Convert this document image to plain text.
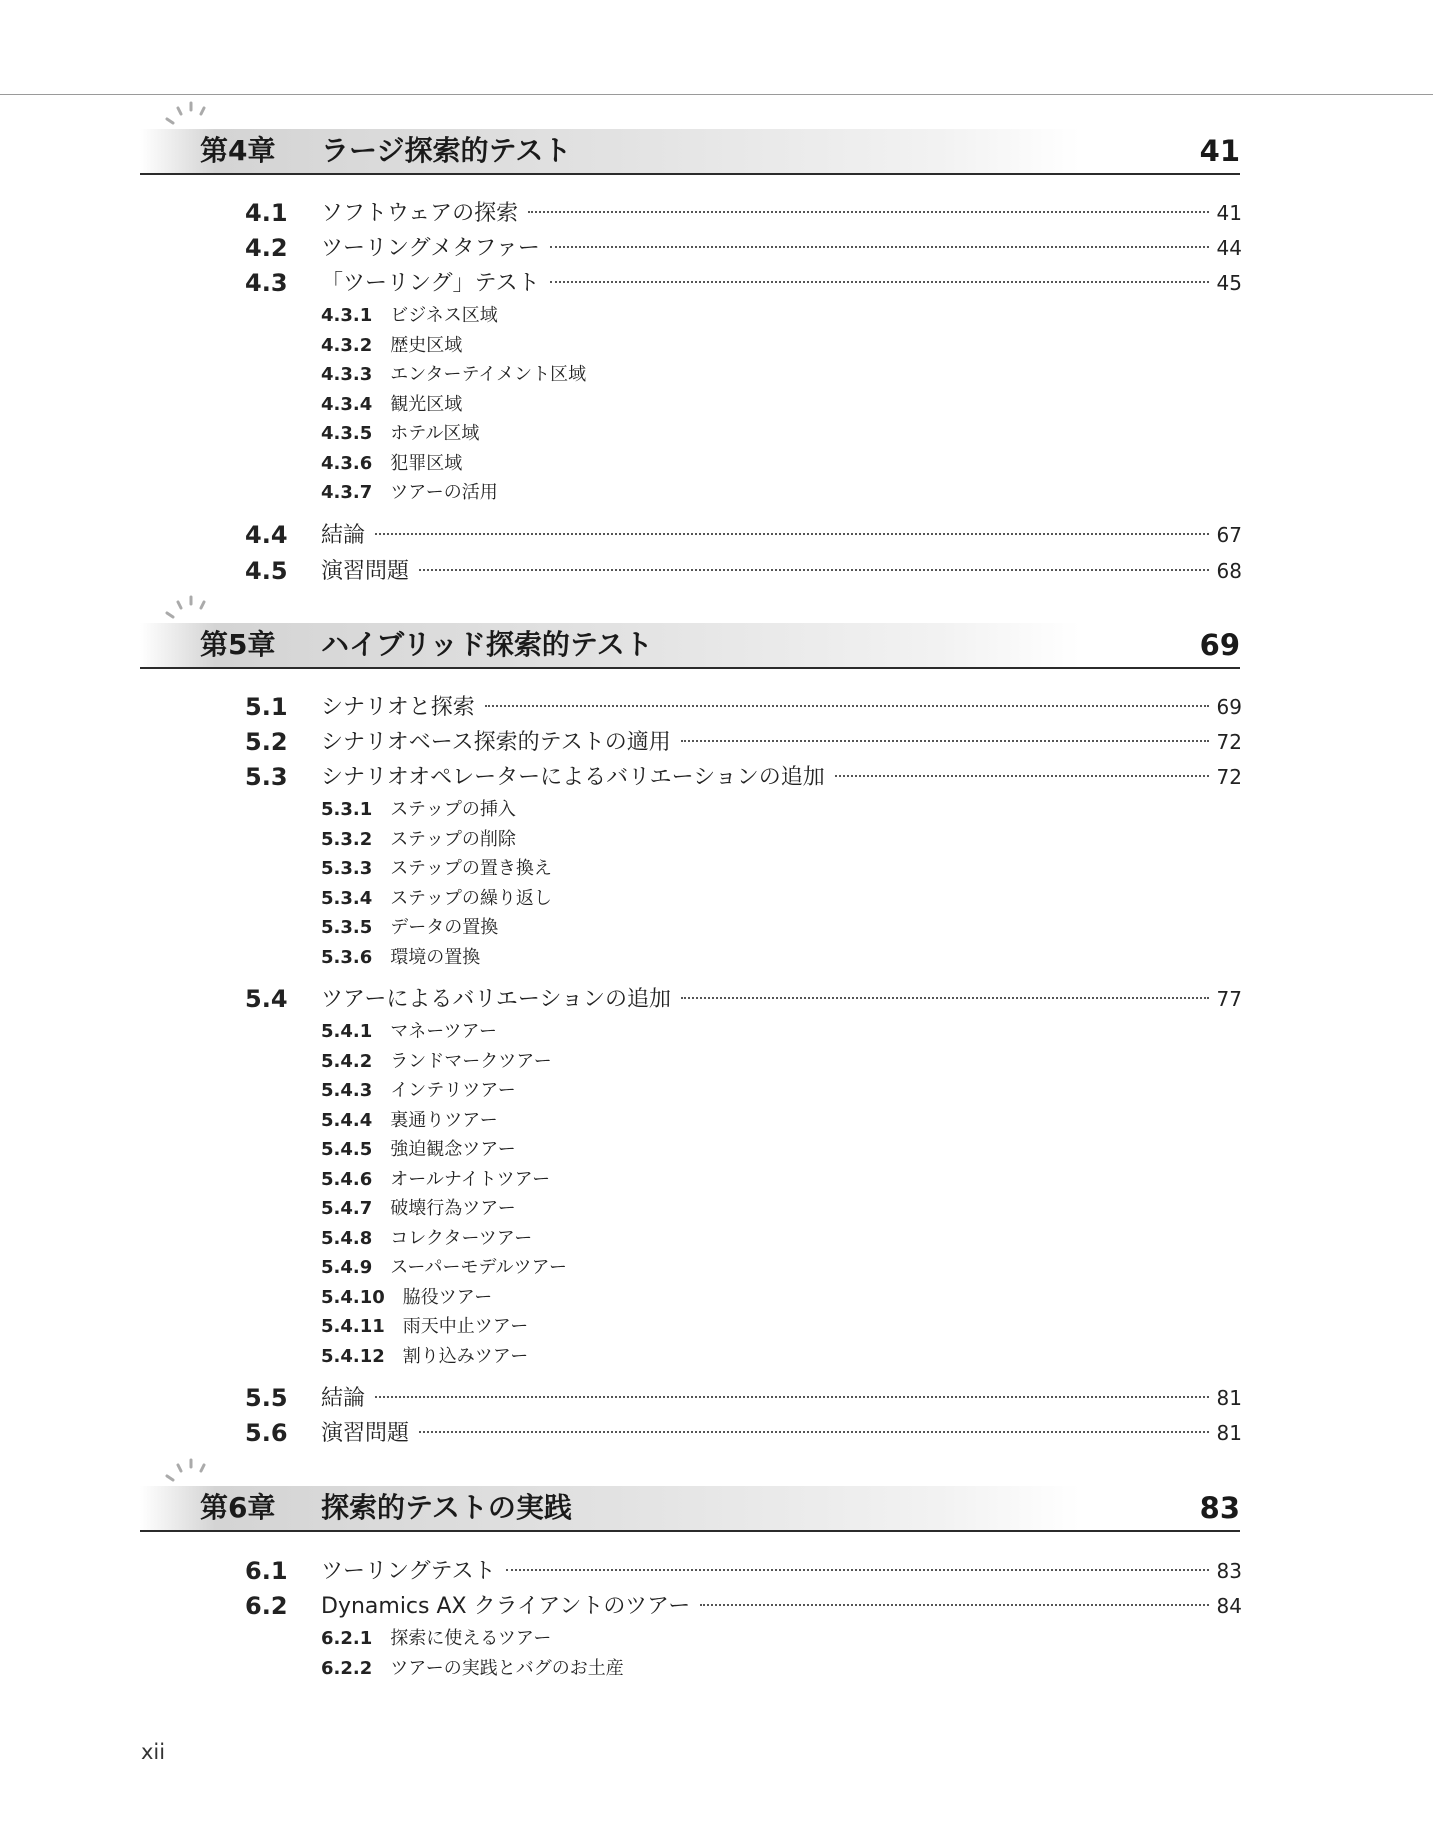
第4章 ラージ探索的テスト	41
4.1 ソフトウェアの探索	41
4.2 ツーリングメタファー	44
4.3 「ツーリング」テスト	45
4.3.1 ビジネス区域
4.3.2 歴史区域
4.3.3 エンターテイメント区域
4.3.4 観光区域
4.3.5 ホテル区域
4.3.6 犯罪区域
4.3.7 ツアーの活用
4.4 結論	67
4.5 演習問題	68
第5章 ハイブリッド探索的テスト	69
5.1 シナリオと探索	69
5.2 シナリオベース探索的テストの適用	72
5.3 シナリオオペレーターによるバリエーションの追加	72
5.3.1 ステップの挿入
5.3.2 ステップの削除
5.3.3 ステップの置き換え
5.3.4 ステップの繰り返し
5.3.5 データの置換
5.3.6 環境の置換
5.4 ツアーによるバリエーションの追加	77
5.4.1 マネーツアー
5.4.2 ランドマークツアー
5.4.3 インテリツアー
5.4.4 裏通りツアー
5.4.5 強迫観念ツアー
5.4.6 オールナイトツアー
5.4.7 破壊行為ツアー
5.4.8 コレクターツアー
5.4.9 スーパーモデルツアー
5.4.10 脇役ツアー
5.4.11 雨天中止ツアー
5.4.12 割り込みツアー
5.5 結論	81
5.6 演習問題	81
第6章 探索的テストの実践	83
6.1 ツーリングテスト	83
6.2 Dynamics AX クライアントのツアー	84
6.2.1 探索に使えるツアー
6.2.2 ツアーの実践とバグのお土産
xii
